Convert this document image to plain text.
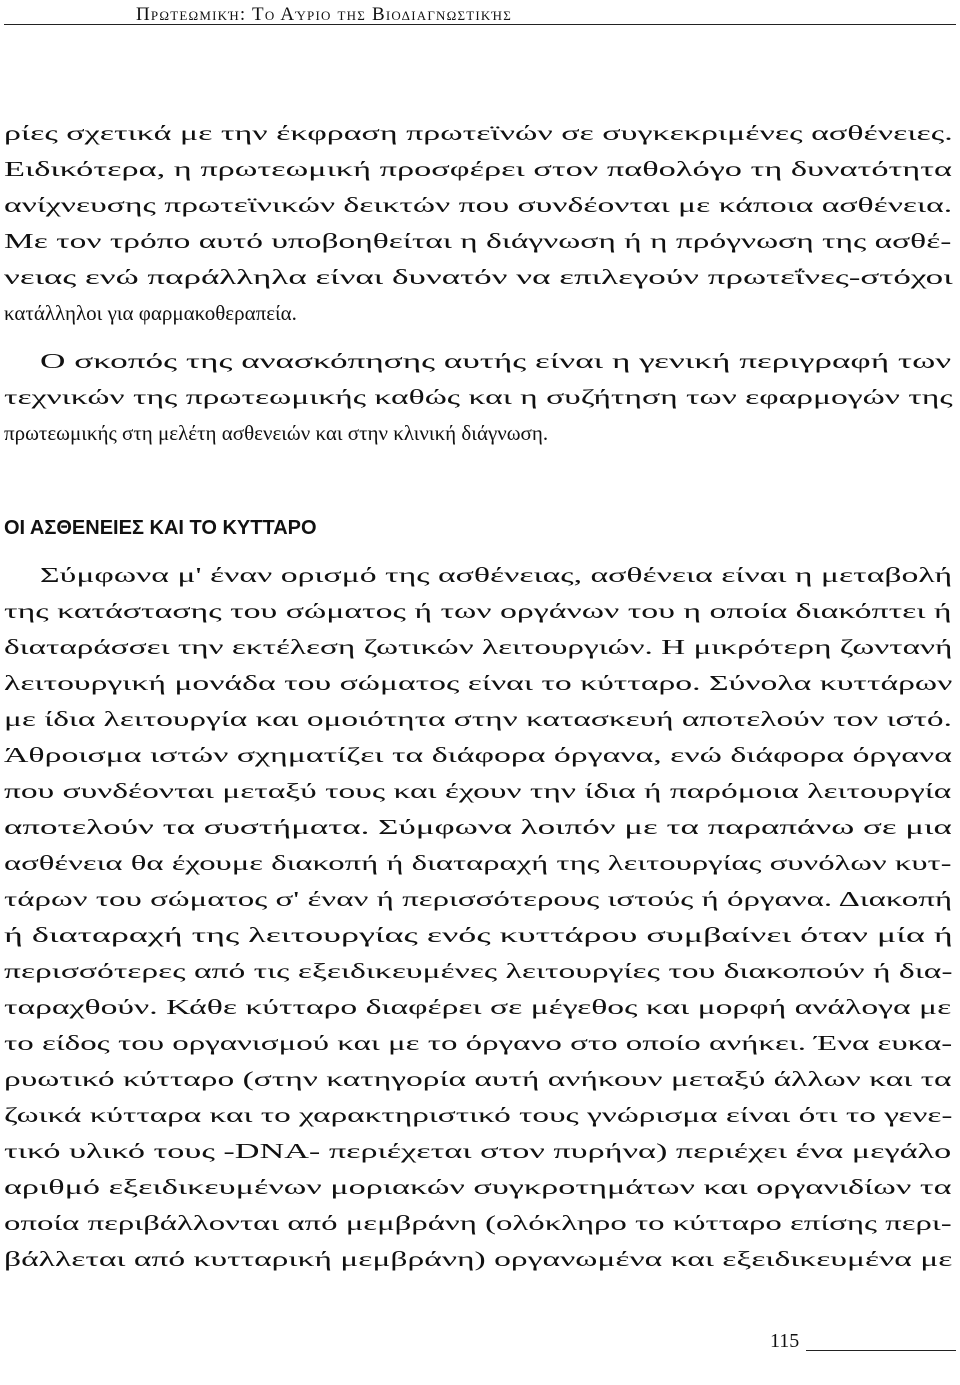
Πρωτεωμική: Το Αύριο της Βιοδιαγνωστικής
ρίες σχετικά με την έκφραση πρωτεϊνών σε συγκεκριμένες ασθένειες.
Ειδικότερα, η πρωτεωμική προσφέρει στον παθολόγο τη δυνατότητα
ανίχνευσης πρωτεϊνικών δεικτών που συνδέονται με κάποια ασθένεια.
Με τον τρόπο αυτό υποβοηθείται η διάγνωση ή η πρόγνωση της ασθέ-
νειας ενώ παράλληλα είναι δυνατόν να επιλεγούν πρωτεΐνες-στόχοι
κατάλληλοι για φαρμακοθεραπεία.
Ο σκοπός της ανασκόπησης αυτής είναι η γενική περιγραφή των
τεχνικών της πρωτεωμικής καθώς και η συζήτηση των εφαρμογών της
πρωτεωμικής στη μελέτη ασθενειών και στην κλινική διάγνωση.
ΟΙ ΑΣΘΕΝΕΙΕΣ ΚΑΙ ΤΟ ΚΥΤΤΑΡΟ
Σύμφωνα μ' έναν ορισμό της ασθένειας, ασθένεια είναι η μεταβολή
της κατάστασης του σώματος ή των οργάνων του η οποία διακόπτει ή
διαταράσσει την εκτέλεση ζωτικών λειτουργιών. Η μικρότερη ζωντανή
λειτουργική μονάδα του σώματος είναι το κύτταρο. Σύνολα κυττάρων
με ίδια λειτουργία και ομοιότητα στην κατασκευή αποτελούν τον ιστό.
Άθροισμα ιστών σχηματίζει τα διάφορα όργανα, ενώ διάφορα όργανα
που συνδέονται μεταξύ τους και έχουν την ίδια ή παρόμοια λειτουργία
αποτελούν τα συστήματα. Σύμφωνα λοιπόν με τα παραπάνω σε μια
ασθένεια θα έχουμε διακοπή ή διαταραχή της λειτουργίας συνόλων κυτ-
τάρων του σώματος σ' έναν ή περισσότερους ιστούς ή όργανα. Διακοπή
ή διαταραχή της λειτουργίας ενός κυττάρου συμβαίνει όταν μία ή
περισσότερες από τις εξειδικευμένες λειτουργίες του διακοπούν ή δια-
ταραχθούν. Κάθε κύτταρο διαφέρει σε μέγεθος και μορφή ανάλογα με
το είδος του οργανισμού και με το όργανο στο οποίο ανήκει. Ένα ευκα-
ρυωτικό κύτταρο (στην κατηγορία αυτή ανήκουν μεταξύ άλλων και τα
ζωικά κύτταρα και το χαρακτηριστικό τους γνώρισμα είναι ότι το γενε-
τικό υλικό τους -DNA- περιέχεται στον πυρήνα) περιέχει ένα μεγάλο
αριθμό εξειδικευμένων μοριακών συγκροτημάτων και οργανιδίων τα
οποία περιβάλλονται από μεμβράνη (ολόκληρο το κύτταρο επίσης περι-
βάλλεται από κυτταρική μεμβράνη) οργανωμένα και εξειδικευμένα με
115
